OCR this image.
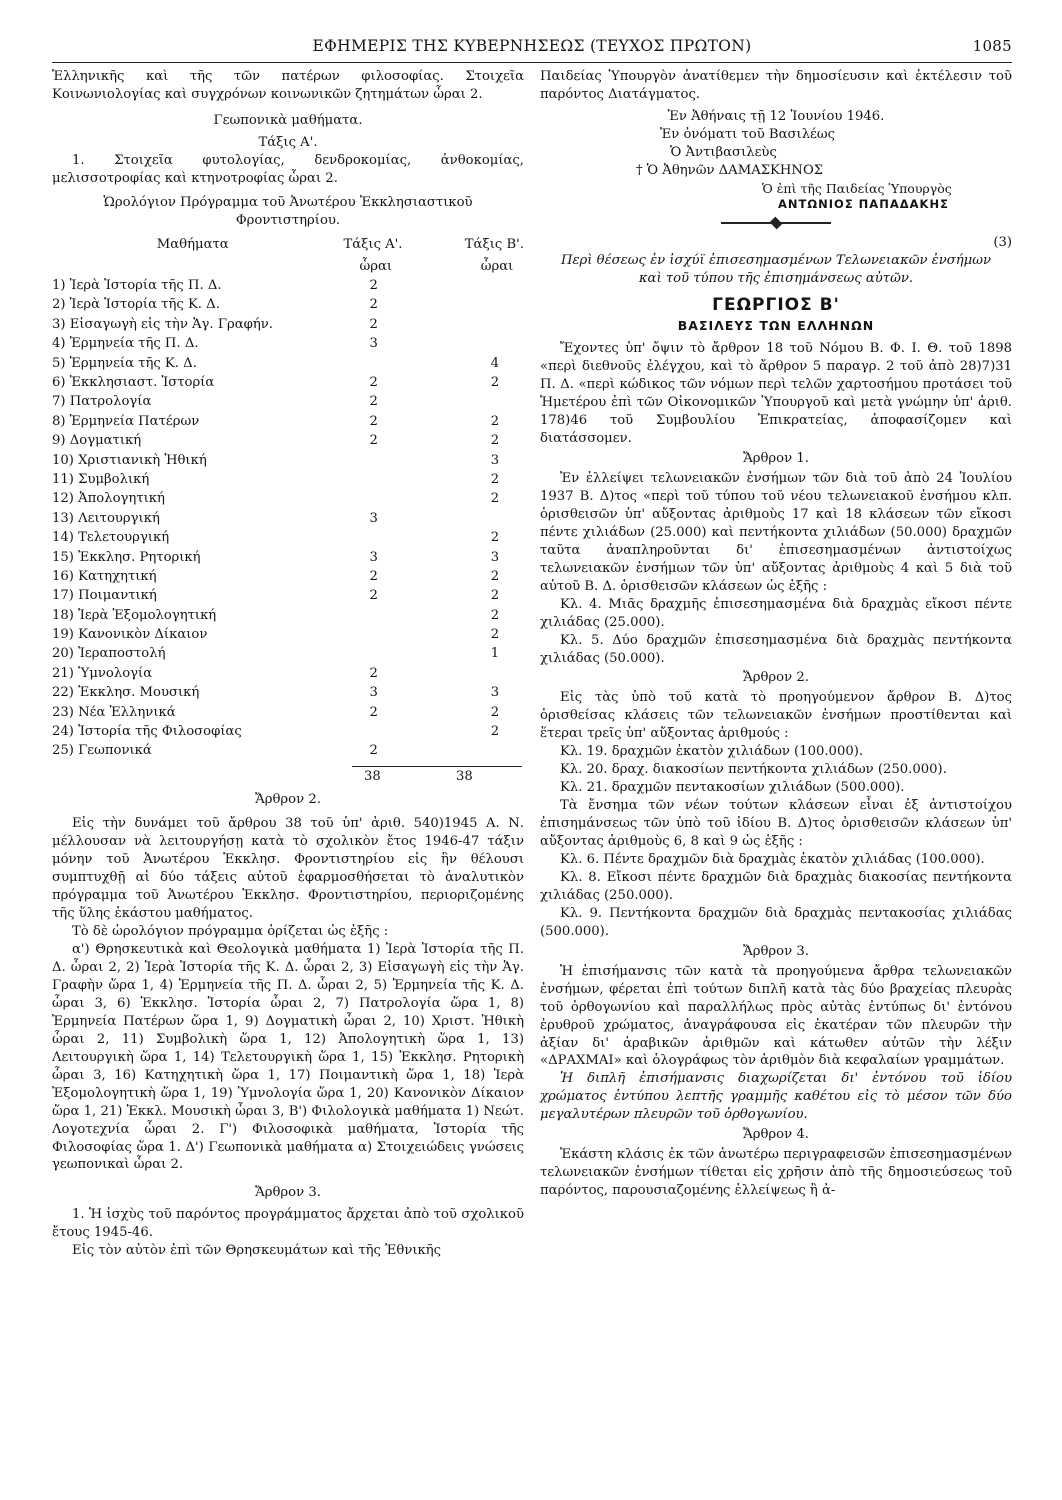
ΕΦΗΜΕΡΙΣ ΤΗΣ ΚΥΒΕΡΝΗΣΕΩΣ (ΤΕΥΧΟΣ ΠΡΩΤΟΝ)	1085

Ἑλληνικῆς καὶ τῆς τῶν πατέρων φιλοσοφίας. Στοιχεῖα Κοινωνιολογίας καὶ συγχρόνων κοινωνικῶν ζητημάτων ὧραι 2.

Γεωπονικὰ μαθήματα.

Τάξις Α'.

1. Στοιχεῖα φυτολογίας, δενδροκομίας, ἀνθοκομίας, μελισσοτροφίας καὶ κτηνοτροφίας ὧραι 2.

Ὡρολόγιον Πρόγραμμα τοῦ Ἀνωτέρου Ἐκκλησιαστικοῦ Φροντιστηρίου.

Μαθήματα	Τάξις Α'.	Τάξις Β'.
	ὧραι	ὧραι
1) Ἱερὰ Ἱστορία τῆς Π. Δ.	2	
2) Ἱερὰ Ἱστορία τῆς Κ. Δ.	2	
3) Εἰσαγωγὴ εἰς τὴν Ἁγ. Γραφήν.	2	
4) Ἑρμηνεία τῆς Π. Δ.	3	
5) Ἑρμηνεία τῆς Κ. Δ.		4
6) Ἐκκλησιαστ. Ἱστορία	2	2
7) Πατρολογία	2	
8) Ἑρμηνεία Πατέρων	2	2
9) Δογματική	2	2
10) Χριστιανικὴ Ἠθική		3
11) Συμβολική		2
12) Ἀπολογητική		2
13) Λειτουργική	3	
14) Τελετουργική		2
15) Ἐκκλησ. Ρητορική	3	3
16) Κατηχητική	2	2
17) Ποιμαντική	2	2
18) Ἱερὰ Ἐξομολογητική		2
19) Κανονικὸν Δίκαιον		2
20) Ἱεραποστολή		1
21) Ὑμνολογία	2	
22) Ἐκκλησ. Μουσική	3	3
23) Νέα Ἑλληνικά	2	2
24) Ἱστορία τῆς Φιλοσοφίας		2
25) Γεωπονικά	2	
38	38

Ἄρθρον 2.

Εἰς τὴν δυνάμει τοῦ ἄρθρου 38 τοῦ ὑπ' ἀριθ. 540)1945 Α. Ν. μέλλουσαν νὰ λειτουργήσῃ κατὰ τὸ σχολικὸν ἔτος 1946-47 τάξιν μόνην τοῦ Ἀνωτέρου Ἐκκλησ. Φροντιστηρίου εἰς ἣν θέλουσι συμπτυχθῇ αἱ δύο τάξεις αὐτοῦ ἐφαρμοσθήσεται τὸ ἀναλυτικὸν πρόγραμμα τοῦ Ἀνωτέρου Ἐκκλησ. Φροντιστηρίου, περιοριζομένης τῆς ὕλης ἑκάστου μαθήματος.

Τὸ δὲ ὡρολόγιον πρόγραμμα ὁρίζεται ὡς ἑξῆς :

α') Θρησκευτικὰ καὶ Θεολογικὰ μαθήματα 1) Ἱερὰ Ἱστορία τῆς Π. Δ. ὧραι 2, 2) Ἱερὰ Ἱστορία τῆς Κ. Δ. ὧραι 2, 3) Εἰσαγωγὴ εἰς τὴν Ἁγ. Γραφὴν ὥρα 1, 4) Ἑρμηνεία τῆς Π. Δ. ὧραι 2, 5) Ἑρμηνεία τῆς Κ. Δ. ὧραι 3, 6) Ἐκκλησ. Ἱστορία ὧραι 2, 7) Πατρολογία ὥρα 1, 8) Ἑρμηνεία Πατέρων ὥρα 1, 9) Δογματικὴ ὧραι 2, 10) Χριστ. Ἠθικὴ ὧραι 2, 11) Συμβολικὴ ὥρα 1, 12) Ἀπολογητικὴ ὥρα 1, 13) Λειτουργικὴ ὥρα 1, 14) Τελετουργικὴ ὥρα 1, 15) Ἐκκλησ. Ρητορικὴ ὧραι 3, 16) Κατηχητικὴ ὥρα 1, 17) Ποιμαντικὴ ὥρα 1, 18) Ἱερὰ Ἐξομολογητικὴ ὥρα 1, 19) Ὑμνολογία ὥρα 1, 20) Κανονικὸν Δίκαιον ὥρα 1, 21) Ἐκκλ. Μουσικὴ ὧραι 3, Β') Φιλολογικὰ μαθήματα 1) Νεώτ. Λογοτεχνία ὧραι 2. Γ') Φιλοσοφικὰ μαθήματα, Ἱστορία τῆς Φιλοσοφίας ὥρα 1. Δ') Γεωπονικὰ μαθήματα α) Στοιχειώδεις γνώσεις γεωπονικαὶ ὧραι 2.

Ἄρθρον 3.

1. Ἡ ἰσχὺς τοῦ παρόντος προγράμματος ἄρχεται ἀπὸ τοῦ σχολικοῦ ἔτους 1945-46.

Εἰς τὸν αὐτὸν ἐπὶ τῶν Θρησκευμάτων καὶ τῆς Ἐθνικῆς

Παιδείας Ὑπουργὸν ἀνατίθεμεν τὴν δημοσίευσιν καὶ ἐκτέλεσιν τοῦ παρόντος Διατάγματος.

Ἐν Ἀθήναις τῇ 12 Ἰουνίου 1946.

Ἐν ὀνόματι τοῦ Βασιλέως

Ὁ Ἀντιβασιλεὺς

† Ὁ Ἀθηνῶν ΔΑΜΑΣΚΗΝΟΣ

Ὁ ἐπὶ τῆς Παιδείας Ὑπουργὸς

ΑΝΤΩΝΙΟΣ ΠΑΠΑΔΑΚΗΣ

(3)

Περὶ θέσεως ἐν ἰσχύϊ ἐπισεσημασμένων Τελωνειακῶν ἐνσήμων καὶ τοῦ τύπου τῆς ἐπισημάνσεως αὐτῶν.

ΓΕΩΡΓΙΟΣ Β'

ΒΑΣΙΛΕΥΣ ΤΩΝ ΕΛΛΗΝΩΝ

Ἔχοντες ὑπ' ὄψιν τὸ ἄρθρον 18 τοῦ Νόμου Β. Φ. Ι. Θ. τοῦ 1898 «περὶ διεθνοῦς ἐλέγχου, καὶ τὸ ἄρθρον 5 παραγρ. 2 τοῦ ἀπὸ 28)7)31 Π. Δ. «περὶ κώδικος τῶν νόμων περὶ τελῶν χαρτοσήμου προτάσει τοῦ Ἡμετέρου ἐπὶ τῶν Οἰκονομικῶν Ὑπουργοῦ καὶ μετὰ γνώμην ὑπ' ἀριθ. 178)46 τοῦ Συμβουλίου Ἐπικρατείας, ἀποφασίζομεν καὶ διατάσσομεν.

Ἄρθρον 1.

Ἐν ἐλλείψει τελωνειακῶν ἐνσήμων τῶν διὰ τοῦ ἀπὸ 24 Ἰουλίου 1937 Β. Δ)τος «περὶ τοῦ τύπου τοῦ νέου τελωνειακοῦ ἐνσήμου κλπ. ὁρισθεισῶν ὑπ' αὔξοντας ἀριθμοὺς 17 καὶ 18 κλάσεων τῶν εἴκοσι πέντε χιλιάδων (25.000) καὶ πεντήκοντα χιλιάδων (50.000) δραχμῶν ταῦτα ἀναπληροῦνται δι' ἐπισεσημασμένων ἀντιστοίχως τελωνειακῶν ἐνσήμων τῶν ὑπ' αὔξοντας ἀριθμοὺς 4 καὶ 5 διὰ τοῦ αὐτοῦ Β. Δ. ὁρισθεισῶν κλάσεων ὡς ἑξῆς :

Κλ. 4. Μιᾶς δραχμῆς ἐπισεσημασμένα διὰ δραχμὰς εἴκοσι πέντε χιλιάδας (25.000).

Κλ. 5. Δύο δραχμῶν ἐπισεσημασμένα διὰ δραχμὰς πεντήκοντα χιλιάδας (50.000).

Ἄρθρον 2.

Εἰς τὰς ὑπὸ τοῦ κατὰ τὸ προηγούμενον ἄρθρον Β. Δ)τος ὁρισθείσας κλάσεις τῶν τελωνειακῶν ἐνσήμων προστίθενται καὶ ἕτεραι τρεῖς ὑπ' αὔξοντας ἀριθμούς :

Κλ. 19. δραχμῶν ἑκατὸν χιλιάδων (100.000).

Κλ. 20. δραχ. διακοσίων πεντήκοντα χιλιάδων (250.000).

Κλ. 21. δραχμῶν πεντακοσίων χιλιάδων (500.000).

Τὰ ἔνσημα τῶν νέων τούτων κλάσεων εἶναι ἐξ ἀντιστοίχου ἐπισημάνσεως τῶν ὑπὸ τοῦ ἰδίου Β. Δ)τος ὁρισθεισῶν κλάσεων ὑπ' αὔξοντας ἀριθμοὺς 6, 8 καὶ 9 ὡς ἑξῆς :

Κλ. 6. Πέντε δραχμῶν διὰ δραχμὰς ἑκατὸν χιλιάδας (100.000).

Κλ. 8. Εἴκοσι πέντε δραχμῶν διὰ δραχμὰς διακοσίας πεντήκοντα χιλιάδας (250.000).

Κλ. 9. Πεντήκοντα δραχμῶν διὰ δραχμὰς πεντακοσίας χιλιάδας (500.000).

Ἄρθρον 3.

Ἡ ἐπισήμανσις τῶν κατὰ τὰ προηγούμενα ἄρθρα τελωνειακῶν ἐνσήμων, φέρεται ἐπὶ τούτων διπλῆ κατὰ τὰς δύο βραχείας πλευρὰς τοῦ ὀρθογωνίου καὶ παραλλήλως πρὸς αὐτὰς ἐντύπως δι' ἐντόνου ἐρυθροῦ χρώματος, ἀναγράφουσα εἰς ἑκατέραν τῶν πλευρῶν τὴν ἀξίαν δι' ἀραβικῶν ἀριθμῶν καὶ κάτωθεν αὐτῶν τὴν λέξιν «ΔΡΑΧΜΑΙ» καὶ ὁλογράφως τὸν ἀριθμὸν διὰ κεφαλαίων γραμμάτων.

Ἡ διπλῆ ἐπισήμανσις διαχωρίζεται δι' ἐντόνου τοῦ ἰδίου χρώματος ἐντύπου λεπτῆς γραμμῆς καθέτου εἰς τὸ μέσον τῶν δύο μεγαλυτέρων πλευρῶν τοῦ ὀρθογωνίου.

Ἄρθρον 4.

Ἑκάστη κλάσις ἐκ τῶν ἀνωτέρω περιγραφεισῶν ἐπισεσημασμένων τελωνειακῶν ἐνσήμων τίθεται εἰς χρῆσιν ἀπὸ τῆς δημοσιεύσεως τοῦ παρόντος, παρουσιαζομένης ἐλλείψεως ἢ ἀ-
